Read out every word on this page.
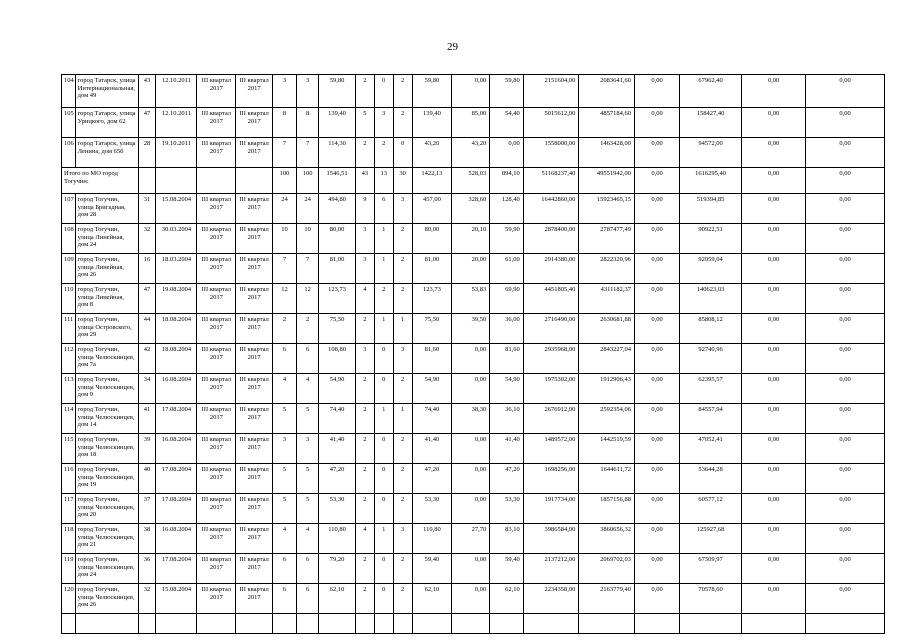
29
104	город Татарск, улица Интернациональная, дом 49	43	12.10.2011	III квартал 2017	III квартал 2017	3	3	59,80	2	0	2	59,80	0,00	59,80	2151604,00	2083641,60	0,00	67962,40	0,00	0,00
105	город Татарск, улица Урицкого, дом 62	47	12.10.2011	III квартал 2017	III квартал 2017	8	8	139,40	5	3	2	139,40	85,00	54,40	5015612,00	4857184,60	0,00	158427,40	0,00	0,00
106	город Татарск, улица Ленина, дом 65б	28	19.10.2011	III квартал 2017	III квартал 2017	7	7	114,30	2	2	0	43,20	43,20	0,00	1558000,00	1463428,00	0,00	94572,00	0,00	0,00
Итого по МО город Тогучин:						100	100	1546,51	43	13	30	1422,13	528,03	894,10	51168237,40	49551942,00	0,00	1616295,40	0,00	0,00
107	город Тогучин, улица Бригадная, дом 28	31	15.08.2004	III квартал 2017	III квартал 2017	24	24	494,80	9	6	3	457,00	328,60	128,40	16442860,00	15923465,15	0,00	519394,85	0,00	0,00
108	город Тогучин, улица Линейная, дом 24	32	30.03.2004	III квартал 2017	III квартал 2017	10	10	80,00	3	1	2	80,00	20,10	59,90	2878400,00	2787477,49	0,00	90922,51	0,00	0,00
109	город Тогучин, улица Линейная, дом 26	16	18.03.2004	III квартал 2017	III квартал 2017	7	7	81,00	3	1	2	81,00	20,00	61,00	2914380,00	2822320,96	0,00	92059,04	0,00	0,00
110	город Тогучин, улица Линейная, дом 8	47	19.08.2004	III квартал 2017	III квартал 2017	12	12	123,73	4	2	2	123,73	53,83	69,90	4451805,40	4311182,37	0,00	140623,03	0,00	0,00
111	город Тогучин, улица Островского, дом 29	44	18.08.2004	III квартал 2017	III квартал 2017	2	2	75,50	2	1	1	75,50	39,50	36,00	2716490,00	2630681,88	0,00	85808,12	0,00	0,00
112	город Тогучин, улица Челюскинцев, дом 7а	42	18.08.2004	III квартал 2017	III квартал 2017	6	6	108,80	3	0	3	81,60	0,00	81,60	2935968,00	2843227,04	0,00	92740,96	0,00	0,00
113	город Тогучин, улица Челюскинцев, дом 9	34	16.08.2004	III квартал 2017	III квартал 2017	4	4	54,90	2	0	2	54,90	0,00	54,90	1975302,00	1912906,43	0,00	62395,57	0,00	0,00
114	город Тогучин, улица Челюскинцев, дом 14	41	17.08.2004	III квартал 2017	III квартал 2017	5	5	74,40	2	1	1	74,40	38,30	36,10	2676912,00	2592354,06	0,00	84557,94	0,00	0,00
115	город Тогучин, улица Челюскинцев, дом 18	39	16.08.2004	III квартал 2017	III квартал 2017	3	3	41,40	2	0	2	41,40	0,00	41,40	1489572,00	1442519,59	0,00	47052,41	0,00	0,00
116	город Тогучин, улица Челюскинцев, дом 19	40	17.08.2004	III квартал 2017	III квартал 2017	5	5	47,20	2	0	2	47,20	0,00	47,20	1698256,00	1644611,72	0,00	53644,28	0,00	0,00
117	город Тогучин, улица Челюскинцев, дом 20	37	17.08.2004	III квартал 2017	III квартал 2017	5	5	53,30	2	0	2	53,30	0,00	53,30	1917734,00	1857156,88	0,00	60577,12	0,00	0,00
118	город Тогучин, улица Челюскинцев, дом 21	38	16.08.2004	III квартал 2017	III квартал 2017	4	4	110,80	4	1	3	110,80	27,70	83,10	3986584,00	3860656,32	0,00	125927,68	0,00	0,00
119	город Тогучин, улица Челюскинцев, дом 24	36	17.08.2004	III квартал 2017	III квартал 2017	6	6	79,20	2	0	2	59,40	0,00	59,40	2137212,00	2069702,03	0,00	67509,97	0,00	0,00
120	город Тогучин, улица Челюскинцев, дом 26	32	15.08.2004	III квартал 2017	III квартал 2017	6	6	62,10	2	0	2	62,10	0,00	62,10	2234358,00	2163779,40	0,00	70578,60	0,00	0,00
